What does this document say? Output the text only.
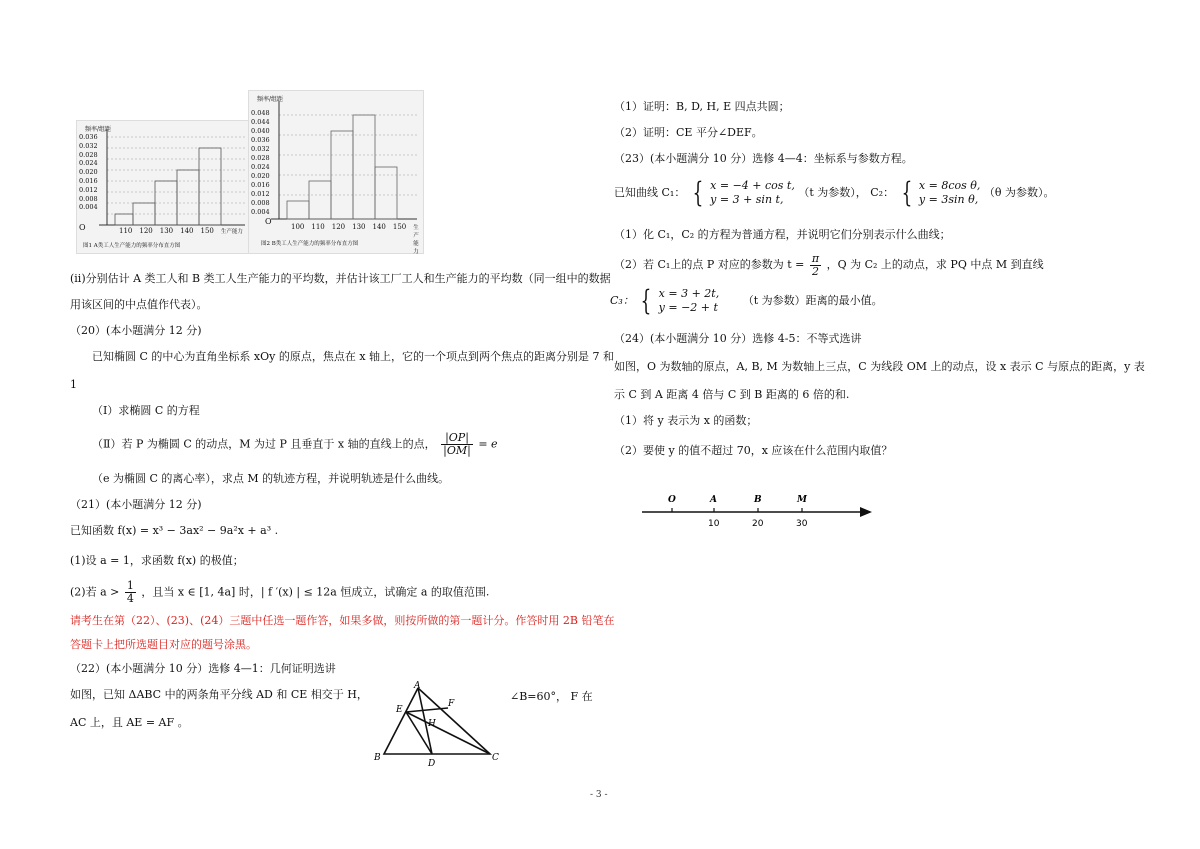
频率/组距
0.036
0.032
0.028
0.024
0.020
0.016
0.012
0.008
0.004
O	110 120 130 140 150 生产能力
图1 A类工人生产能力的频率分布直方图
频率/组距
0.048
0.044
0.040
0.036
0.032
0.028
0.024
0.020
0.016
0.012
0.008
0.004
O
100 110 120 130 140 150 生产能力
图2 B类工人生产能力的频率分布直方图
(ii)分别估计 A 类工人和 B 类工人生产能力的平均数，并估计该工厂工人和生产能力的平均数（同一组中的数据
用该区间的中点值作代表）。
（20）(本小题满分 12 分)
已知椭圆 C 的中心为直角坐标系 xOy 的原点，焦点在 x 轴上，它的一个项点到两个焦点的距离分别是 7 和
1
（Ⅰ）求椭圆 C 的方程
（Ⅱ）若 P 为椭圆 C 的动点，M 为过 P 且垂直于 x 轴的直线上的点， $\frac{|OP|}{|OM|} = e$
（e 为椭圆 C 的离心率），求点 M 的轨迹方程，并说明轨迹是什么曲线。
（21）(本小题满分 12 分)
已知函数 f(x) = x³ − 3ax² − 9a²x + a³ .
(1)设 a = 1，求函数 f(x) 的极值；
(2)若 $a > \frac{1}{4}$ ，且当 x ∈ [1, 4a] 时，| f ′(x) | ≤ 12a 恒成立，试确定 a 的取值范围.
请考生在第（22）、(23)、(24）三题中任选一题作答，如果多做，则按所做的第一题计分。作答时用 2B 铅笔在
答题卡上把所选题目对应的题号涂黑。
（22）(本小题满分 10 分）选修 4—1：几何证明选讲
如图，已知 ΔABC 中的两条角平分线 AD 和 CE 相交于 H，	∠B=60°， F 在
AC 上，且 AE = AF 。
A
B	C
D
E
F
H
（1）证明：B, D, H, E 四点共圆；
（2）证明：CE 平分∠DEF。
（23）(本小题满分 10 分）选修 4—4：坐标系与参数方程。
已知曲线 C₁： { x = −4 + cos t,
y = 3 + sin t,
（t 为参数）， C₂： { x = 8cos θ,
y = 3sin θ,
（θ 为参数）。
（1）化 C₁，C₂ 的方程为普通方程，并说明它们分别表示什么曲线；
（2）若 C₁上的点 P 对应的参数为 $t = \frac{\pi}{2}$ ，Q 为 C₂ 上的动点，求 PQ 中点 M 到直线
C₃： { x = 3 + 2t,
y = −2 + t
（t 为参数）距离的最小值。
（24）(本小题满分 10 分）选修 4-5：不等式选讲
如图，O 为数轴的原点，A, B, M 为数轴上三点，C 为线段 OM 上的动点，设 x 表示 C 与原点的距离，y 表
示 C 到 A 距离 4 倍与 C 到 B 距离的 6 倍的和.
（1）将 y 表示为 x 的函数；
（2）要使 y 的值不超过 70，x 应该在什么范围内取值？
O	A	B	M
10	20	30
- 3 -
